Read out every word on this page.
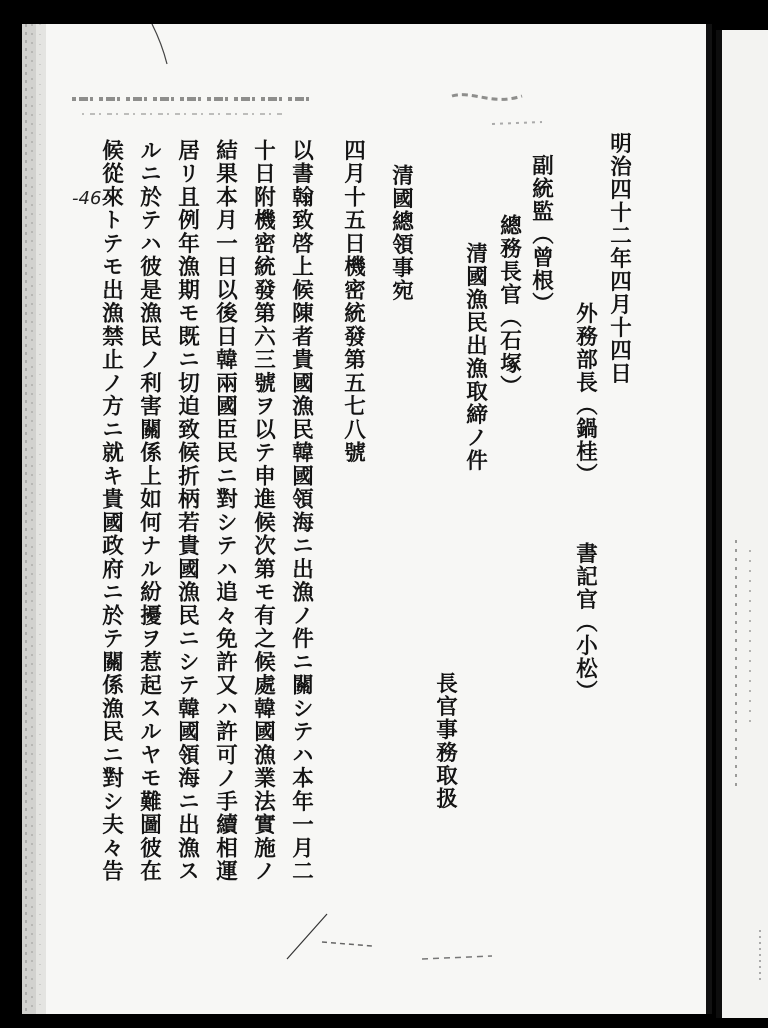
明治四十二年四月十四日
外務部長（鍋桂）
書記官（小松）
副統監（曾根）
總務長官（石塚）
清國漁民出漁取締ノ件
長官事務取扱
清國總領事宛
四月十五日機密統發第五七八號
以書翰致啓上候陳者貴國漁民韓國領海ニ出漁ノ件ニ關シテハ本年一月二
十日附機密統發第六三號ヲ以テ申進候次第モ有之候處韓國漁業法實施ノ
結果本月一日以後日韓兩國臣民ニ對シテハ追々免許又ハ許可ノ手續相運
居リ且例年漁期モ既ニ切迫致候折柄若貴國漁民ニシテ韓國領海ニ出漁ス
ルニ於テハ彼是漁民ノ利害關係上如何ナル紛擾ヲ惹起スルヤモ難圖彼在
候從來トテモ出漁禁止ノ方ニ就キ貴國政府ニ於テ關係漁民ニ對シ夫々告
-46-
